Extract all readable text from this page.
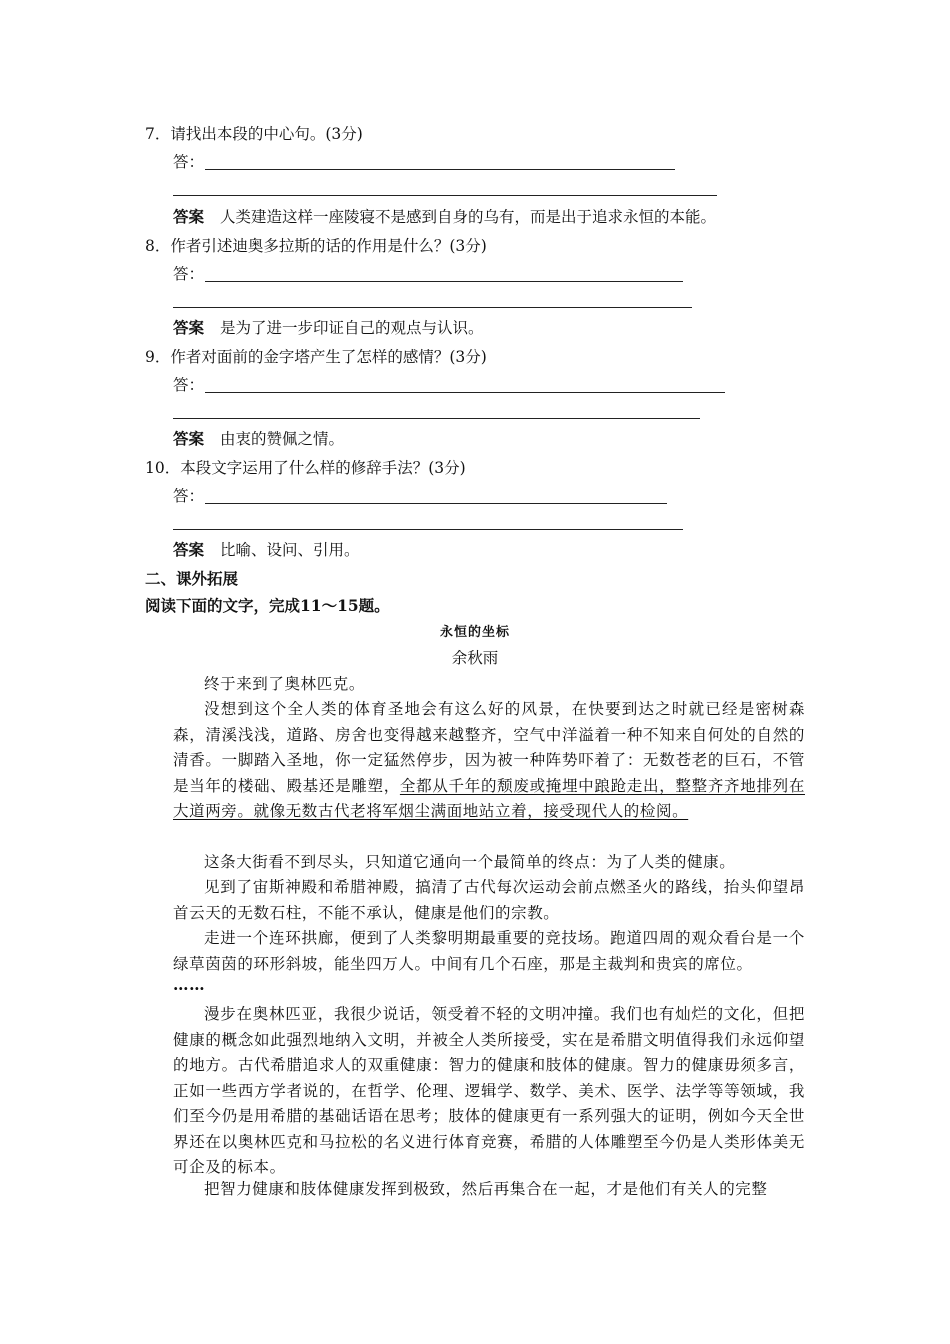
7．请找出本段的中心句。(3分)
答：
答案 人类建造这样一座陵寝不是感到自身的乌有，而是出于追求永恒的本能。
8．作者引述迪奥多拉斯的话的作用是什么？(3分)
答：
答案 是为了进一步印证自己的观点与认识。
9．作者对面前的金字塔产生了怎样的感情？(3分)
答：
答案 由衷的赞佩之情。
10．本段文字运用了什么样的修辞手法？(3分)
答：
答案 比喻、设问、引用。
二、课外拓展
阅读下面的文字，完成11～15题。
永恒的坐标
余秋雨
终于来到了奥林匹克。
没想到这个全人类的体育圣地会有这么好的风景，在快要到达之时就已经是密树森森，清溪浅浅，道路、房舍也变得越来越整齐，空气中洋溢着一种不知来自何处的自然的清香。一脚踏入圣地，你一定猛然停步，因为被一种阵势吓着了：无数苍老的巨石，不管是当年的楼础、殿基还是雕塑，全都从千年的颓废或掩埋中踉跄走出，整整齐齐地排列在大道两旁。就像无数古代老将军烟尘满面地站立着，接受现代人的检阅。
这条大街看不到尽头，只知道它通向一个最简单的终点：为了人类的健康。
见到了宙斯神殿和希腊神殿，搞清了古代每次运动会前点燃圣火的路线，抬头仰望昂首云天的无数石柱，不能不承认，健康是他们的宗教。
走进一个连环拱廊，便到了人类黎明期最重要的竞技场。跑道四周的观众看台是一个绿草茵茵的环形斜坡，能坐四万人。中间有几个石座，那是主裁判和贵宾的席位。
……
漫步在奥林匹亚，我很少说话，领受着不轻的文明冲撞。我们也有灿烂的文化，但把健康的概念如此强烈地纳入文明，并被全人类所接受，实在是希腊文明值得我们永远仰望的地方。古代希腊追求人的双重健康：智力的健康和肢体的健康。智力的健康毋须多言，正如一些西方学者说的，在哲学、伦理、逻辑学、数学、美术、医学、法学等等领域，我们至今仍是用希腊的基础话语在思考；肢体的健康更有一系列强大的证明，例如今天全世界还在以奥林匹克和马拉松的名义进行体育竞赛，希腊的人体雕塑至今仍是人类形体美无可企及的标本。
把智力健康和肢体健康发挥到极致，然后再集合在一起，才是他们有关人的完整
